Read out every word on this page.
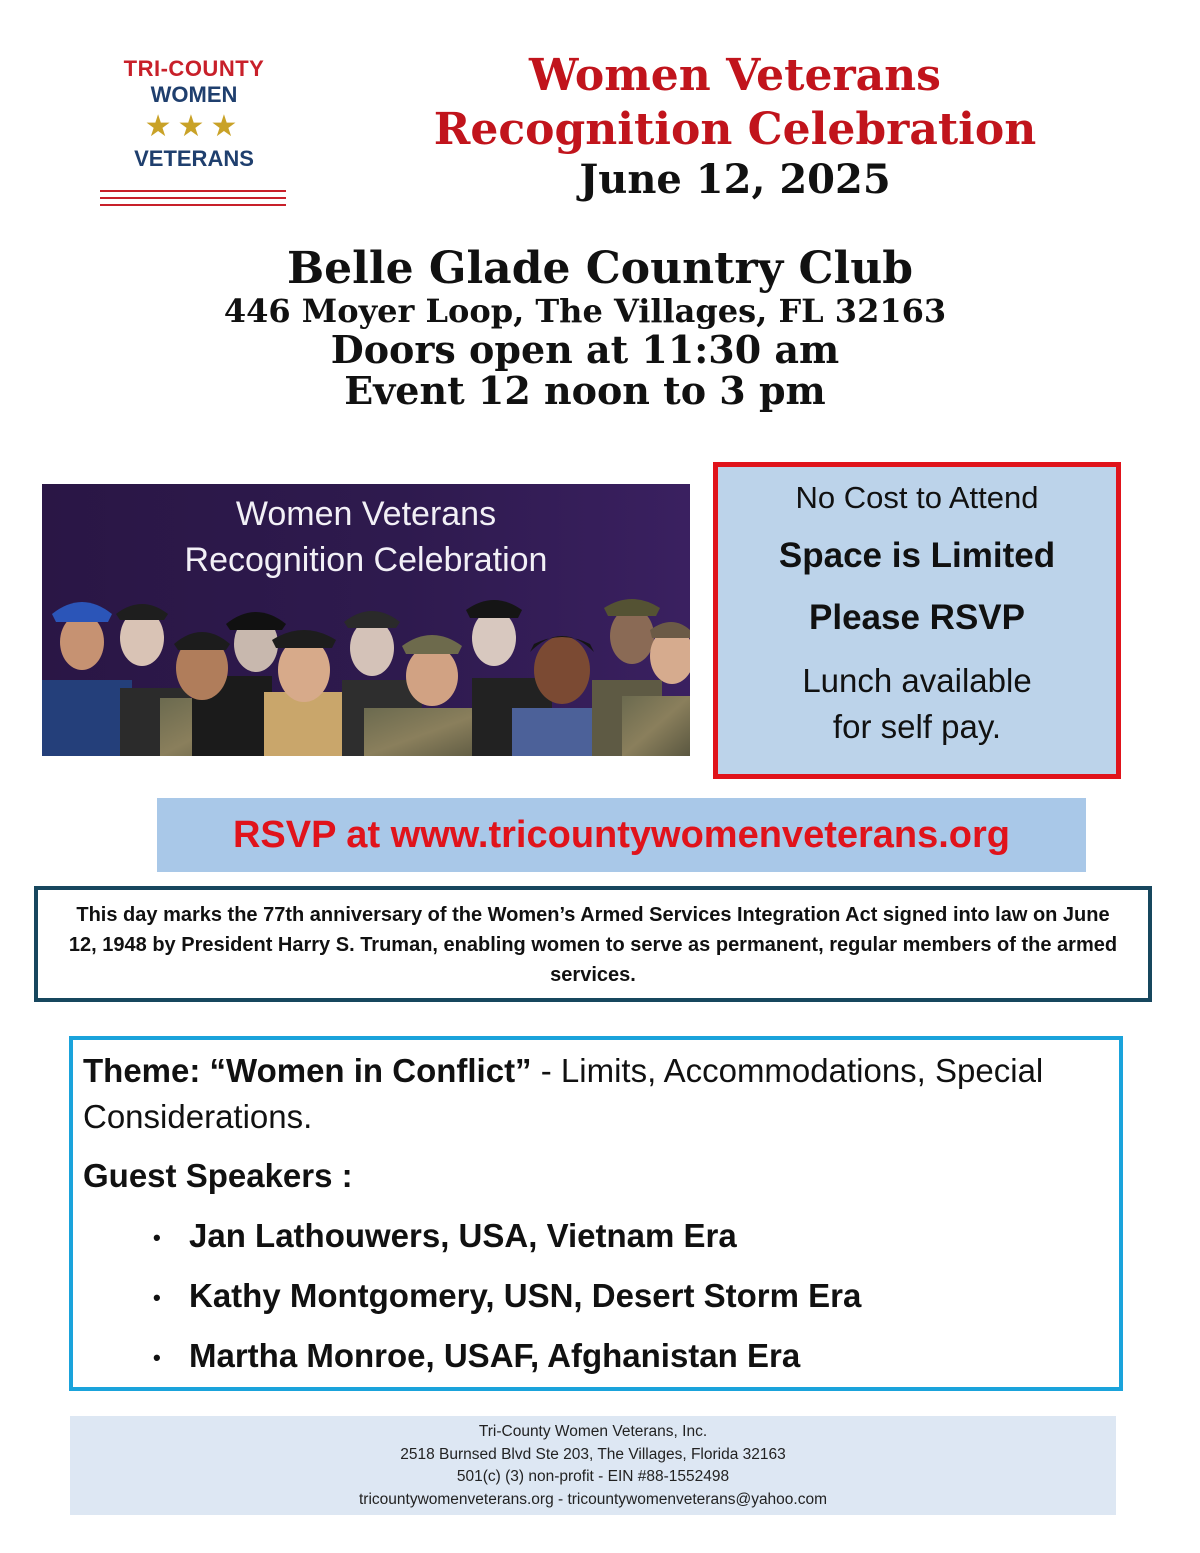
TRI-COUNTY
WOMEN
★★★
VETERANS
Women Veterans
Recognition Celebration
June 12, 2025
Belle Glade Country Club
446 Moyer Loop, The Villages, FL 32163
Doors open at 11:30 am
Event 12 noon to 3 pm
Women Veterans
Recognition Celebration
No Cost to Attend
Space is Limited
Please RSVP
Lunch available
for self pay.
RSVP at www.tricountywomenveterans.org

This day marks the 77th anniversary of the Women’s Armed Services Integration Act signed into law on June 12, 1948 by President Harry S. Truman, enabling women to serve as permanent, regular members of the armed services.

Theme: “Women in Conflict” - Limits, Accommodations, Special Considerations.
Guest Speakers :
• Jan Lathouwers, USA, Vietnam Era
• Kathy Montgomery, USN, Desert Storm Era
• Martha Monroe, USAF, Afghanistan Era
Tri-County Women Veterans, Inc.
2518 Burnsed Blvd Ste 203, The Villages, Florida 32163
501(c) (3) non-profit - EIN #88-1552498
tricountywomenveterans.org - tricountywomenveterans@yahoo.com
